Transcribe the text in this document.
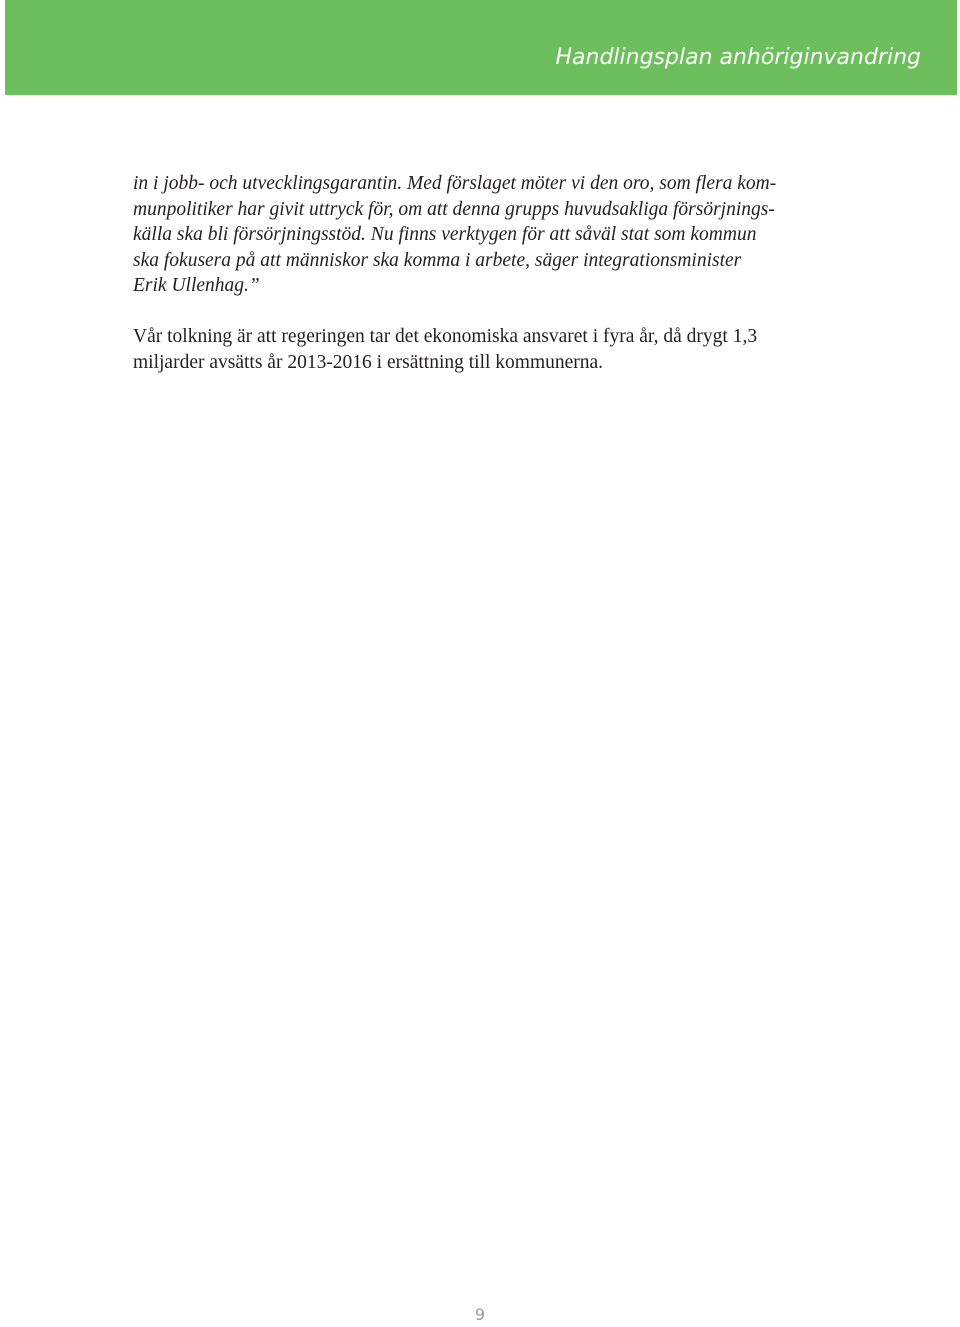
Handlingsplan anhöriginvandring

in i jobb- och utvecklingsgarantin. Med förslaget möter vi den oro, som flera kom-
munpolitiker har givit uttryck för, om att denna grupps huvudsakliga försörjnings-
källa ska bli försörjningsstöd. Nu finns verktygen för att såväl stat som kommun
ska fokusera på att människor ska komma i arbete, säger integrationsminister
Erik Ullenhag.”

Vår tolkning är att regeringen tar det ekonomiska ansvaret i fyra år, då drygt 1,3
miljarder avsätts år 2013-2016 i ersättning till kommunerna.

9
